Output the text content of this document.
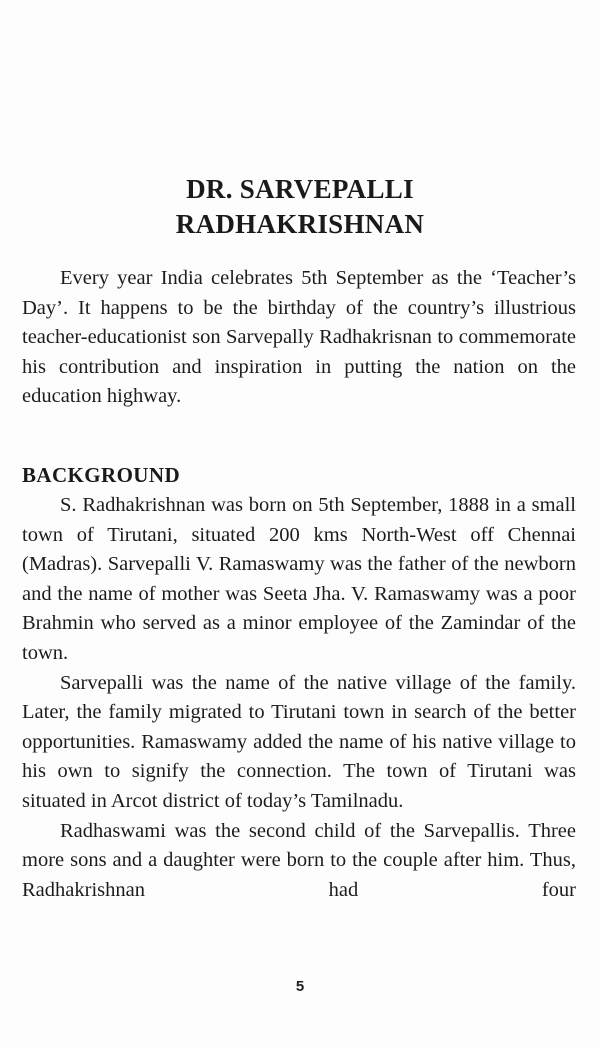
DR. SARVEPALLI
RADHAKRISHNAN

Every year India celebrates 5th September as the ‘Teacher’s Day’. It happens to be the birthday of the country’s illustrious teacher-educationist son Sarvepally Radhakrisnan to commemorate his contribution and inspiration in putting the nation on the education highway.

BACKGROUND

S. Radhakrishnan was born on 5th September, 1888 in a small town of Tirutani, situated 200 kms North-West off Chennai (Madras). Sarvepalli V. Ramaswamy was the father of the newborn and the name of mother was Seeta Jha. V. Ramaswamy was a poor Brahmin who served as a minor employee of the Zamindar of the town.

Sarvepalli was the name of the native village of the family. Later, the family migrated to Tirutani town in search of the better opportunities. Ramaswamy added the name of his native village to his own to signify the connection. The town of Tirutani was situated in Arcot district of today’s Tamilnadu.

Radhaswami was the second child of the Sarvepallis. Three more sons and a daughter were born to the couple after him. Thus, Radhakrishnan had four

5
